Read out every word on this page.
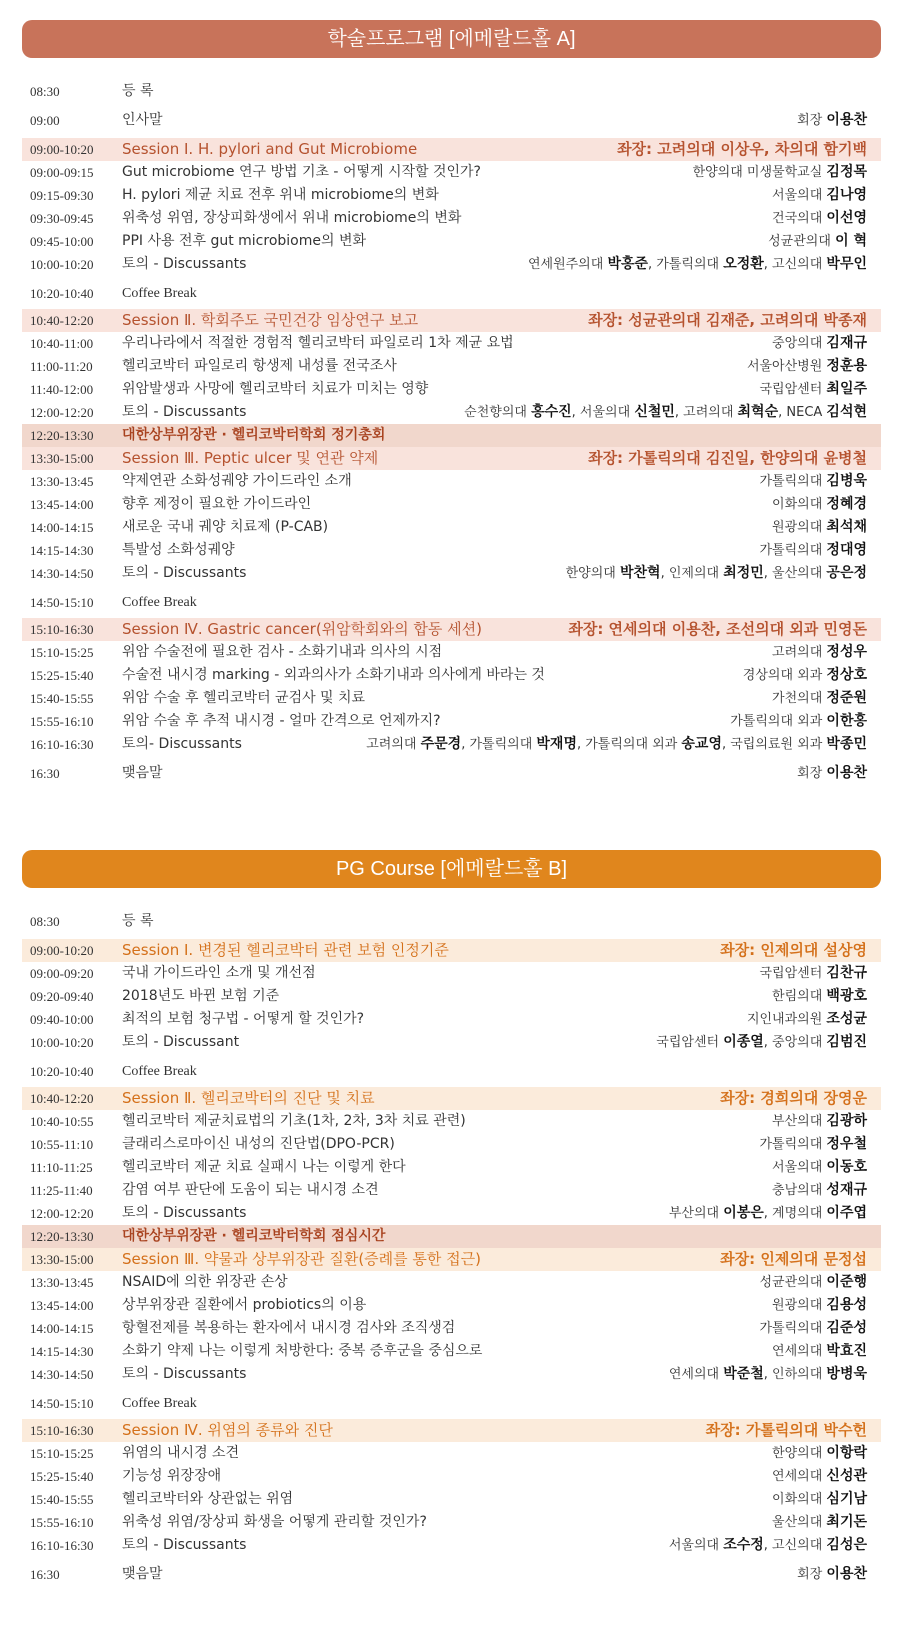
학술프로그램 [에메랄드홀 A]
08:30	등 록
09:00	인사말	회장 이용찬
09:00-10:20 Session Ⅰ. H. pylori and Gut Microbiome	좌장: 고려의대 이상우, 차의대 함기백
09:00-09:15 Gut microbiome 연구 방법 기초 - 어떻게 시작할 것인가?	한양의대 미생물학교실 김정목
09:15-09:30 H. pylori 제균 치료 전후 위내 microbiome의 변화	서울의대 김나영
09:30-09:45 위축성 위염, 장상피화생에서 위내 microbiome의 변화	건국의대 이선영
09:45-10:00 PPI 사용 전후 gut microbiome의 변화	성균관의대 이 혁
10:00-10:20 토의 - Discussants	연세원주의대 박홍준, 가톨릭의대 오정환, 고신의대 박무인
10:20-10:40 Coffee Break
10:40-12:20 Session Ⅱ. 학회주도 국민건강 임상연구 보고	좌장: 성균관의대 김재준, 고려의대 박종재
10:40-11:00 우리나라에서 적절한 경험적 헬리코박터 파일로리 1차 제균 요법	중앙의대 김재규
11:00-11:20 헬리코박터 파일로리 항생제 내성률 전국조사	서울아산병원 정훈용
11:40-12:00 위암발생과 사망에 헬리코박터 치료가 미치는 영향	국립암센터 최일주
12:00-12:20 토의 - Discussants	순천향의대 홍수진, 서울의대 신철민, 고려의대 최혁순, NECA 김석현
12:20-13:30 대한상부위장관 · 헬리코박터학회 정기총회
13:30-15:00 Session Ⅲ. Peptic ulcer 및 연관 약제	좌장: 가톨릭의대 김진일, 한양의대 윤병철
13:30-13:45 약제연관 소화성궤양 가이드라인 소개	가톨릭의대 김병욱
13:45-14:00 향후 제정이 필요한 가이드라인	이화의대 정혜경
14:00-14:15 새로운 국내 궤양 치료제 (P-CAB)	원광의대 최석채
14:15-14:30 특발성 소화성궤양	가톨릭의대 정대영
14:30-14:50 토의 - Discussants	한양의대 박찬혁, 인제의대 최정민, 울산의대 공은정
14:50-15:10 Coffee Break
15:10-16:30 Session Ⅳ. Gastric cancer(위암학회와의 합동 세션)	좌장: 연세의대 이용찬, 조선의대 외과 민영돈
15:10-15:25 위암 수술전에 필요한 검사 - 소화기내과 의사의 시점	고려의대 정성우
15:25-15:40 수술전 내시경 marking - 외과의사가 소화기내과 의사에게 바라는 것	경상의대 외과 정상호
15:40-15:55 위암 수술 후 헬리코박터 균검사 및 치료	가천의대 정준원
15:55-16:10 위암 수술 후 추적 내시경 - 얼마 간격으로 언제까지?	가톨릭의대 외과 이한홍
16:10-16:30 토의- Discussants	고려의대 주문경, 가톨릭의대 박재명, 가톨릭의대 외과 송교영, 국립의료원 외과 박종민
16:30	맺음말	회장 이용찬
PG Course [에메랄드홀 B]
08:30	등 록
09:00-10:20 Session Ⅰ. 변경된 헬리코박터 관련 보험 인정기준	좌장: 인제의대 설상영
09:00-09:20 국내 가이드라인 소개 및 개선점	국립암센터 김찬규
09:20-09:40 2018년도 바뀐 보험 기준	한림의대 백광호
09:40-10:00 최적의 보험 청구법 - 어떻게 할 것인가?	지인내과의원 조성균
10:00-10:20 토의 - Discussant	국립암센터 이종열, 중앙의대 김범진
10:20-10:40 Coffee Break
10:40-12:20 Session Ⅱ. 헬리코박터의 진단 및 치료	좌장: 경희의대 장영운
10:40-10:55 헬리코박터 제균치료법의 기초(1차, 2차, 3차 치료 관련)	부산의대 김광하
10:55-11:10 클래리스로마이신 내성의 진단법(DPO-PCR)	가톨릭의대 정우철
11:10-11:25 헬리코박터 제균 치료 실패시 나는 이렇게 한다	서울의대 이동호
11:25-11:40 감염 여부 판단에 도움이 되는 내시경 소견	충남의대 성재규
12:00-12:20 토의 - Discussants	부산의대 이봉은, 계명의대 이주엽
12:20-13:30 대한상부위장관 · 헬리코박터학회 점심시간
13:30-15:00 Session Ⅲ. 약물과 상부위장관 질환(증례를 통한 접근)	좌장: 인제의대 문정섭
13:30-13:45 NSAID에 의한 위장관 손상	성균관의대 이준행
13:45-14:00 상부위장관 질환에서 probiotics의 이용	원광의대 김용성
14:00-14:15 항혈전제를 복용하는 환자에서 내시경 검사와 조직생검	가톨릭의대 김준성
14:15-14:30 소화기 약제 나는 이렇게 처방한다: 중복 증후군을 중심으로	연세의대 박효진
14:30-14:50 토의 - Discussants	연세의대 박준철, 인하의대 방병욱
14:50-15:10 Coffee Break
15:10-16:30 Session Ⅳ. 위염의 종류와 진단	좌장: 가톨릭의대 박수헌
15:10-15:25 위염의 내시경 소견	한양의대 이항락
15:25-15:40 기능성 위장장애	연세의대 신성관
15:40-15:55 헬리코박터와 상관없는 위염	이화의대 심기남
15:55-16:10 위축성 위염/장상피 화생을 어떻게 관리할 것인가?	울산의대 최기돈
16:10-16:30 토의 - Discussants	서울의대 조수정, 고신의대 김성은
16:30	맺음말	회장 이용찬
